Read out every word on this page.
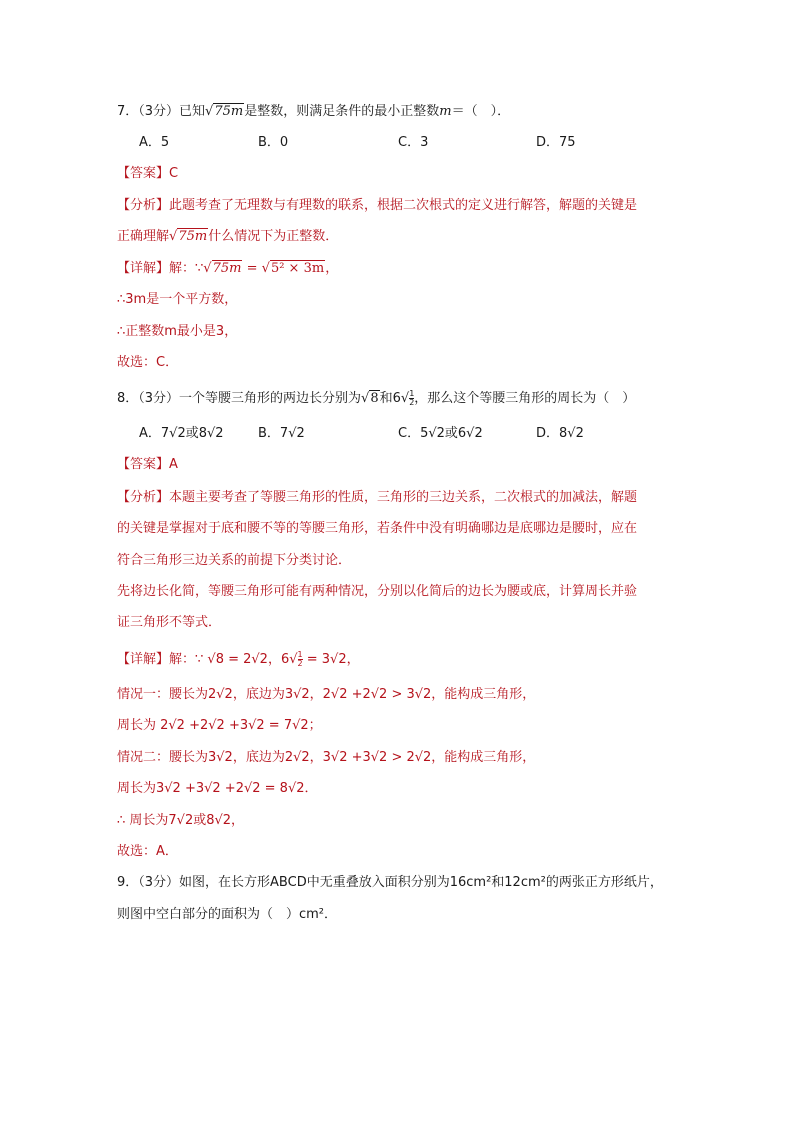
7．（3分）已知√75m是整数，则满足条件的最小正整数m＝（　）．
A．5	B．0	C．3	D．75
【答案】C
【分析】此题考查了无理数与有理数的联系，根据二次根式的定义进行解答，解题的关键是
正确理解√75m什么情况下为正整数．
【详解】解：∵√75m = √5² × 3m，
∴3m是一个平方数，
∴正整数m最小是3，
故选：C．
8．（3分）一个等腰三角形的两边长分别为√8和$6√ \frac{1}{2}$ ，那么这个等腰三角形的周长为（　）
A．7√2或8√2	B．7√2	C．5√2或6√2	D．8√2
【答案】A
【分析】本题主要考查了等腰三角形的性质，三角形的三边关系，二次根式的加减法，解题
的关键是掌握对于底和腰不等的等腰三角形，若条件中没有明确哪边是底哪边是腰时，应在
符合三角形三边关系的前提下分类讨论．
先将边长化简，等腰三角形可能有两种情况，分别以化简后的边长为腰或底，计算周长并验
证三角形不等式．
【详解】解：∵ √8 = 2√2，$6√ \frac{1}{2} = 3√2$，
情况一：腰长为2√2，底边为3√2，2√2 +2√2 > 3√2，能构成三角形，
周长为 2√2 +2√2 +3√2 = 7√2；
情况二：腰长为3√2，底边为2√2，3√2 +3√2 > 2√2，能构成三角形，
周长为3√2 +3√2 +2√2 = 8√2．
∴ 周长为7√2或8√2，
故选：A．
9．（3分）如图，在长方形ABCD中无重叠放入面积分别为16cm²和12cm²的两张正方形纸片，
则图中空白部分的面积为（　）cm²．
